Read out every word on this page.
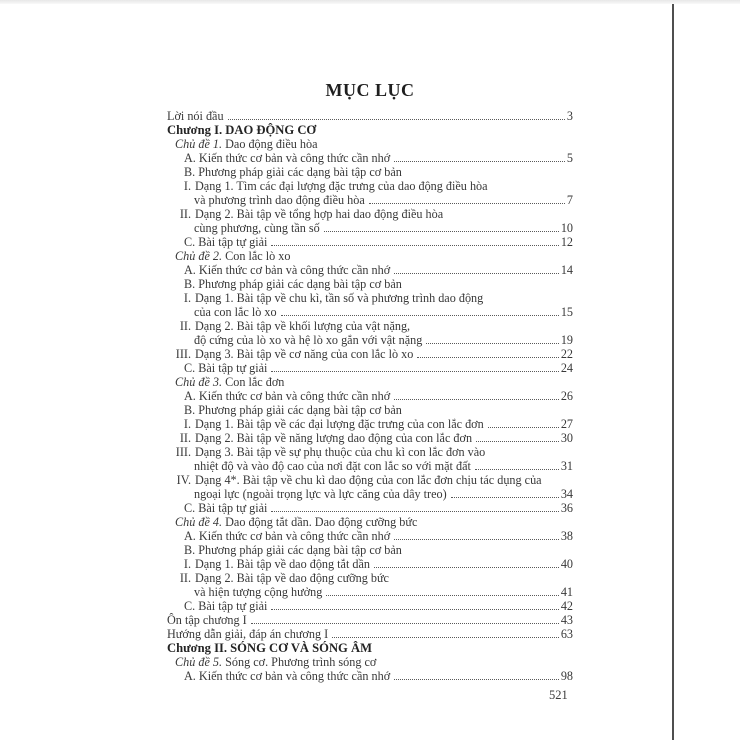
MỤC LỤC
Lời nói đầu	3
Chương I. DAO ĐỘNG CƠ
Chủ đề 1. Dao động điều hòa
A. Kiến thức cơ bản và công thức cần nhớ	5
B. Phương pháp giải các dạng bài tập cơ bản
I. Dạng 1. Tìm các đại lượng đặc trưng của dao động điều hòa
và phương trình dao động điều hòa	7
II. Dạng 2. Bài tập về tổng hợp hai dao động điều hòa
cùng phương, cùng tần số	10
C. Bài tập tự giải	12
Chủ đề 2. Con lắc lò xo
A. Kiến thức cơ bản và công thức cần nhớ	14
B. Phương pháp giải các dạng bài tập cơ bản
I. Dạng 1. Bài tập về chu kì, tần số và phương trình dao động
của con lắc lò xo	15
II. Dạng 2. Bài tập về khối lượng của vật nặng,
độ cứng của lò xo và hệ lò xo gắn với vật nặng	19
III. Dạng 3. Bài tập về cơ năng của con lắc lò xo	22
C. Bài tập tự giải	24
Chủ đề 3. Con lắc đơn
A. Kiến thức cơ bản và công thức cần nhớ	26
B. Phương pháp giải các dạng bài tập cơ bản
I. Dạng 1. Bài tập về các đại lượng đặc trưng của con lắc đơn	27
II. Dạng 2. Bài tập về năng lượng dao động của con lắc đơn	30
III. Dạng 3. Bài tập về sự phụ thuộc của chu kì con lắc đơn vào
nhiệt độ và vào độ cao của nơi đặt con lắc so với mặt đất	31
IV. Dạng 4*. Bài tập về chu kì dao động của con lắc đơn chịu tác dụng của
ngoại lực (ngoài trọng lực và lực căng của dây treo)	34
C. Bài tập tự giải	36
Chủ đề 4. Dao động tắt dần. Dao động cưỡng bức
A. Kiến thức cơ bản và công thức cần nhớ	38
B. Phương pháp giải các dạng bài tập cơ bản
I. Dạng 1. Bài tập về dao động tắt dần	40
II. Dạng 2. Bài tập về dao động cưỡng bức
và hiện tượng cộng hưởng	41
C. Bài tập tự giải	42
Ôn tập chương I	43
Hướng dẫn giải, đáp án chương I	63
Chương II. SÓNG CƠ VÀ SÓNG ÂM
Chủ đề 5. Sóng cơ. Phương trình sóng cơ
A. Kiến thức cơ bản và công thức cần nhớ	98
521
